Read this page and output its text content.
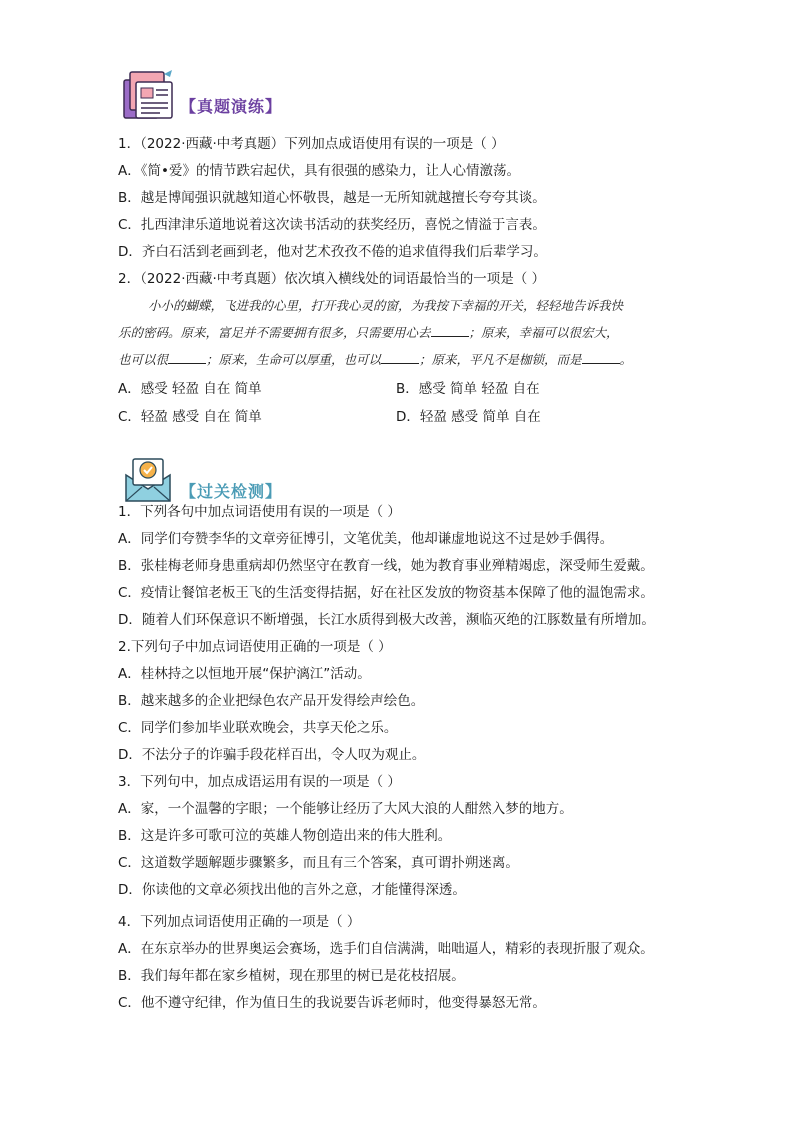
【真题演练】
1．（2022·西藏·中考真题）下列加点成语使用有误的一项是（ ）
A．《简•爱》的情节跌宕起伏，具有很强的感染力，让人心情激荡。
B．越是博闻强识就越知道心怀敬畏，越是一无所知就越擅长夸夸其谈。
C．扎西津津乐道地说着这次读书活动的获奖经历，喜悦之情溢于言表。
D．齐白石活到老画到老，他对艺术孜孜不倦的追求值得我们后辈学习。
2．（2022·西藏·中考真题）依次填入横线处的词语最恰当的一项是（ ）
小小的蝴蝶，飞进我的心里，打开我心灵的窗，为我按下幸福的开关，轻轻地告诉我快
乐的密码。原来，富足并不需要拥有很多，只需要用心去	；原来，幸福可以很宏大，
也可以很	；原来，生命可以厚重，也可以	；原来，平凡不是枷锁，而是	。
A．感受 轻盈 自在 简单	B．感受 简单 轻盈 自在
C．轻盈 感受 自在 简单	D．轻盈 感受 简单 自在
【过关检测】
1．下列各句中加点词语使用有误的一项是（ ）
A．同学们夸赞李华的文章旁征博引，文笔优美，他却谦虚地说这不过是妙手偶得。
B．张桂梅老师身患重病却仍然坚守在教育一线，她为教育事业殚精竭虑，深受师生爱戴。
C．疫情让餐馆老板王飞的生活变得拮据，好在社区发放的物资基本保障了他的温饱需求。
D．随着人们环保意识不断增强，长江水质得到极大改善，濒临灭绝的江豚数量有所增加。
2.下列句子中加点词语使用正确的一项是（ ）
A．桂林持之以恒地开展“保护漓江”活动。
B．越来越多的企业把绿色农产品开发得绘声绘色。
C．同学们参加毕业联欢晚会，共享天伦之乐。
D．不法分子的诈骗手段花样百出，令人叹为观止。
3．下列句中，加点成语运用有误的一项是（ ）
A．家，一个温馨的字眼；一个能够让经历了大风大浪的人酣然入梦的地方。
B．这是许多可歌可泣的英雄人物创造出来的伟大胜利。
C．这道数学题解题步骤繁多，而且有三个答案，真可谓扑朔迷离。
D．你读他的文章必须找出他的言外之意，才能懂得深透。
4．下列加点词语使用正确的一项是（ ）
A．在东京举办的世界奥运会赛场，选手们自信满满，咄咄逼人，精彩的表现折服了观众。
B．我们每年都在家乡植树，现在那里的树已是花枝招展。
C．他不遵守纪律，作为值日生的我说要告诉老师时，他变得暴怒无常。
